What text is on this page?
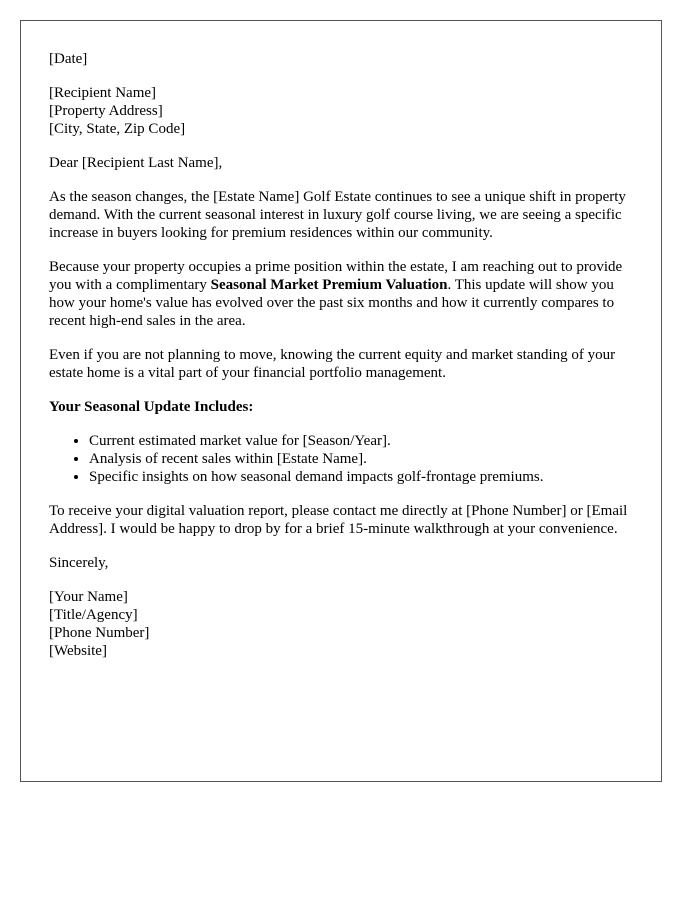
[Date]

[Recipient Name]
[Property Address]
[City, State, Zip Code]

Dear [Recipient Last Name],

As the season changes, the [Estate Name] Golf Estate continues to see a unique shift in property demand. With the current seasonal interest in luxury golf course living, we are seeing a specific increase in buyers looking for premium residences within our community.

Because your property occupies a prime position within the estate, I am reaching out to provide you with a complimentary Seasonal Market Premium Valuation. This update will show you how your home's value has evolved over the past six months and how it currently compares to recent high-end sales in the area.

Even if you are not planning to move, knowing the current equity and market standing of your estate home is a vital part of your financial portfolio management.

Your Seasonal Update Includes:

• Current estimated market value for [Season/Year].
• Analysis of recent sales within [Estate Name].
• Specific insights on how seasonal demand impacts golf-frontage premiums.

To receive your digital valuation report, please contact me directly at [Phone Number] or [Email Address]. I would be happy to drop by for a brief 15-minute walkthrough at your convenience.

Sincerely,

[Your Name]
[Title/Agency]
[Phone Number]
[Website]
